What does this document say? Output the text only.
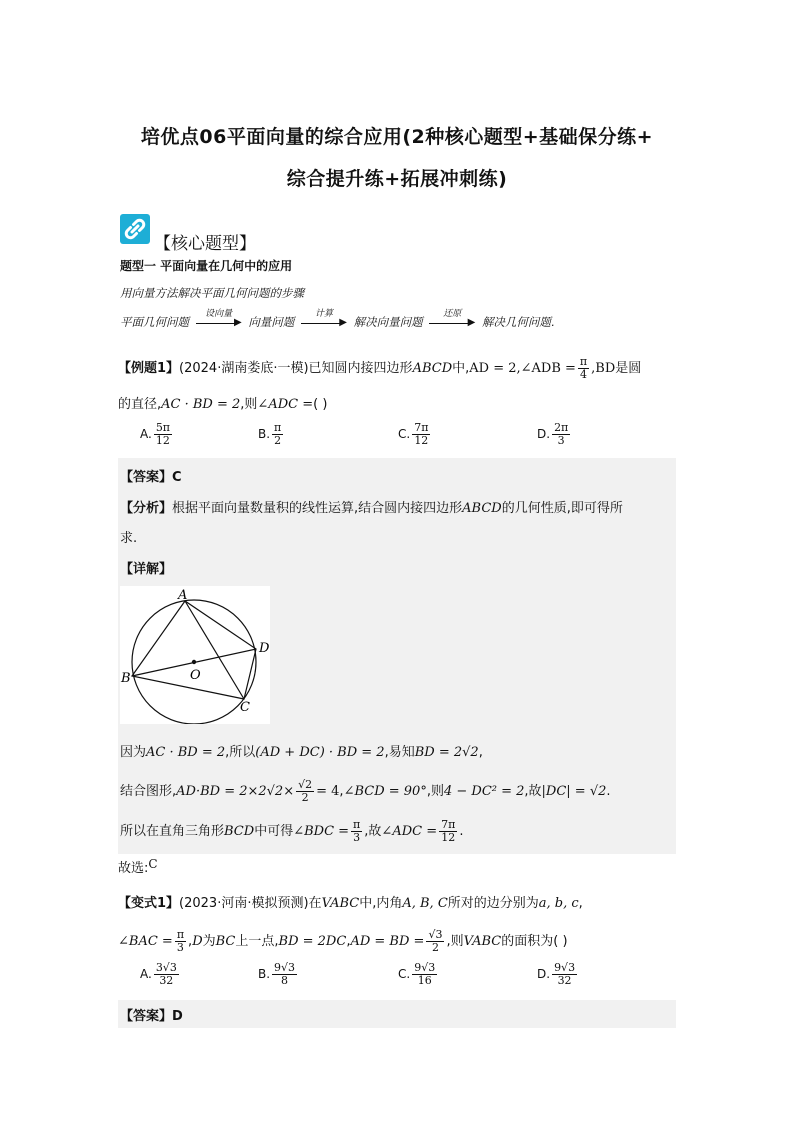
培优点06平面向量的综合应用(2种核心题型+基础保分练+
综合提升练+拓展冲刺练)
【核心题型】
题型一 平面向量在几何中的应用
用向量方法解决平面几何问题的步骤
平面几何问题	▶
设向量
向量问题	▶
计算
解决向量问题	▶
还原
解决几何问题.
【例题1】(2024·湖南娄底·一模)已知圆内接四边形ABCD中,AD = 2,∠ADB = $\frac{\pi}{4} ,BD$是圆
的直径,AC · BD = 2,则∠ADC =( )
A. $\frac{5\pi}{12}$	B. $\frac{\pi}{2}$	C. $\frac{7\pi}{12}$	D. $\frac{2\pi}{3}$
【答案】C
【分析】根据平面向量数量积的线性运算,结合圆内接四边形ABCD的几何性质,即可得所
求.
【详解】
A
B
C
D
O
因为AC · BD = 2,所以(AD + DC) · BD = 2,易知BD = 2√2,
结合图形$,AD\cdot BD = 2\times 2√2\times \frac{√2}{2}$ = 4,∠BCD = 90°,则4 − DC² = 2,故|DC| = √2.
所以在直角三角形BCD中可得∠BDC = $\frac{\pi}{3}$ ,故∠ADC = $\frac{7\pi}{12}$ .
故选:C
【变式1】(2023·河南·模拟预测)在VABC中,内角A, B, C所对的边分别为a, b, c,
∠BAC = $\frac{\pi}{3} ,D$为BC上一点,BD = 2DC,AD = BD = $\frac{√3}{2}$ ,则VABC的面积为( )
A. $\frac{3√3}{32}$	B. $\frac{9√3}{8}$	C. $\frac{9√3}{16}$	D. $\frac{9√3}{32}$
【答案】D
